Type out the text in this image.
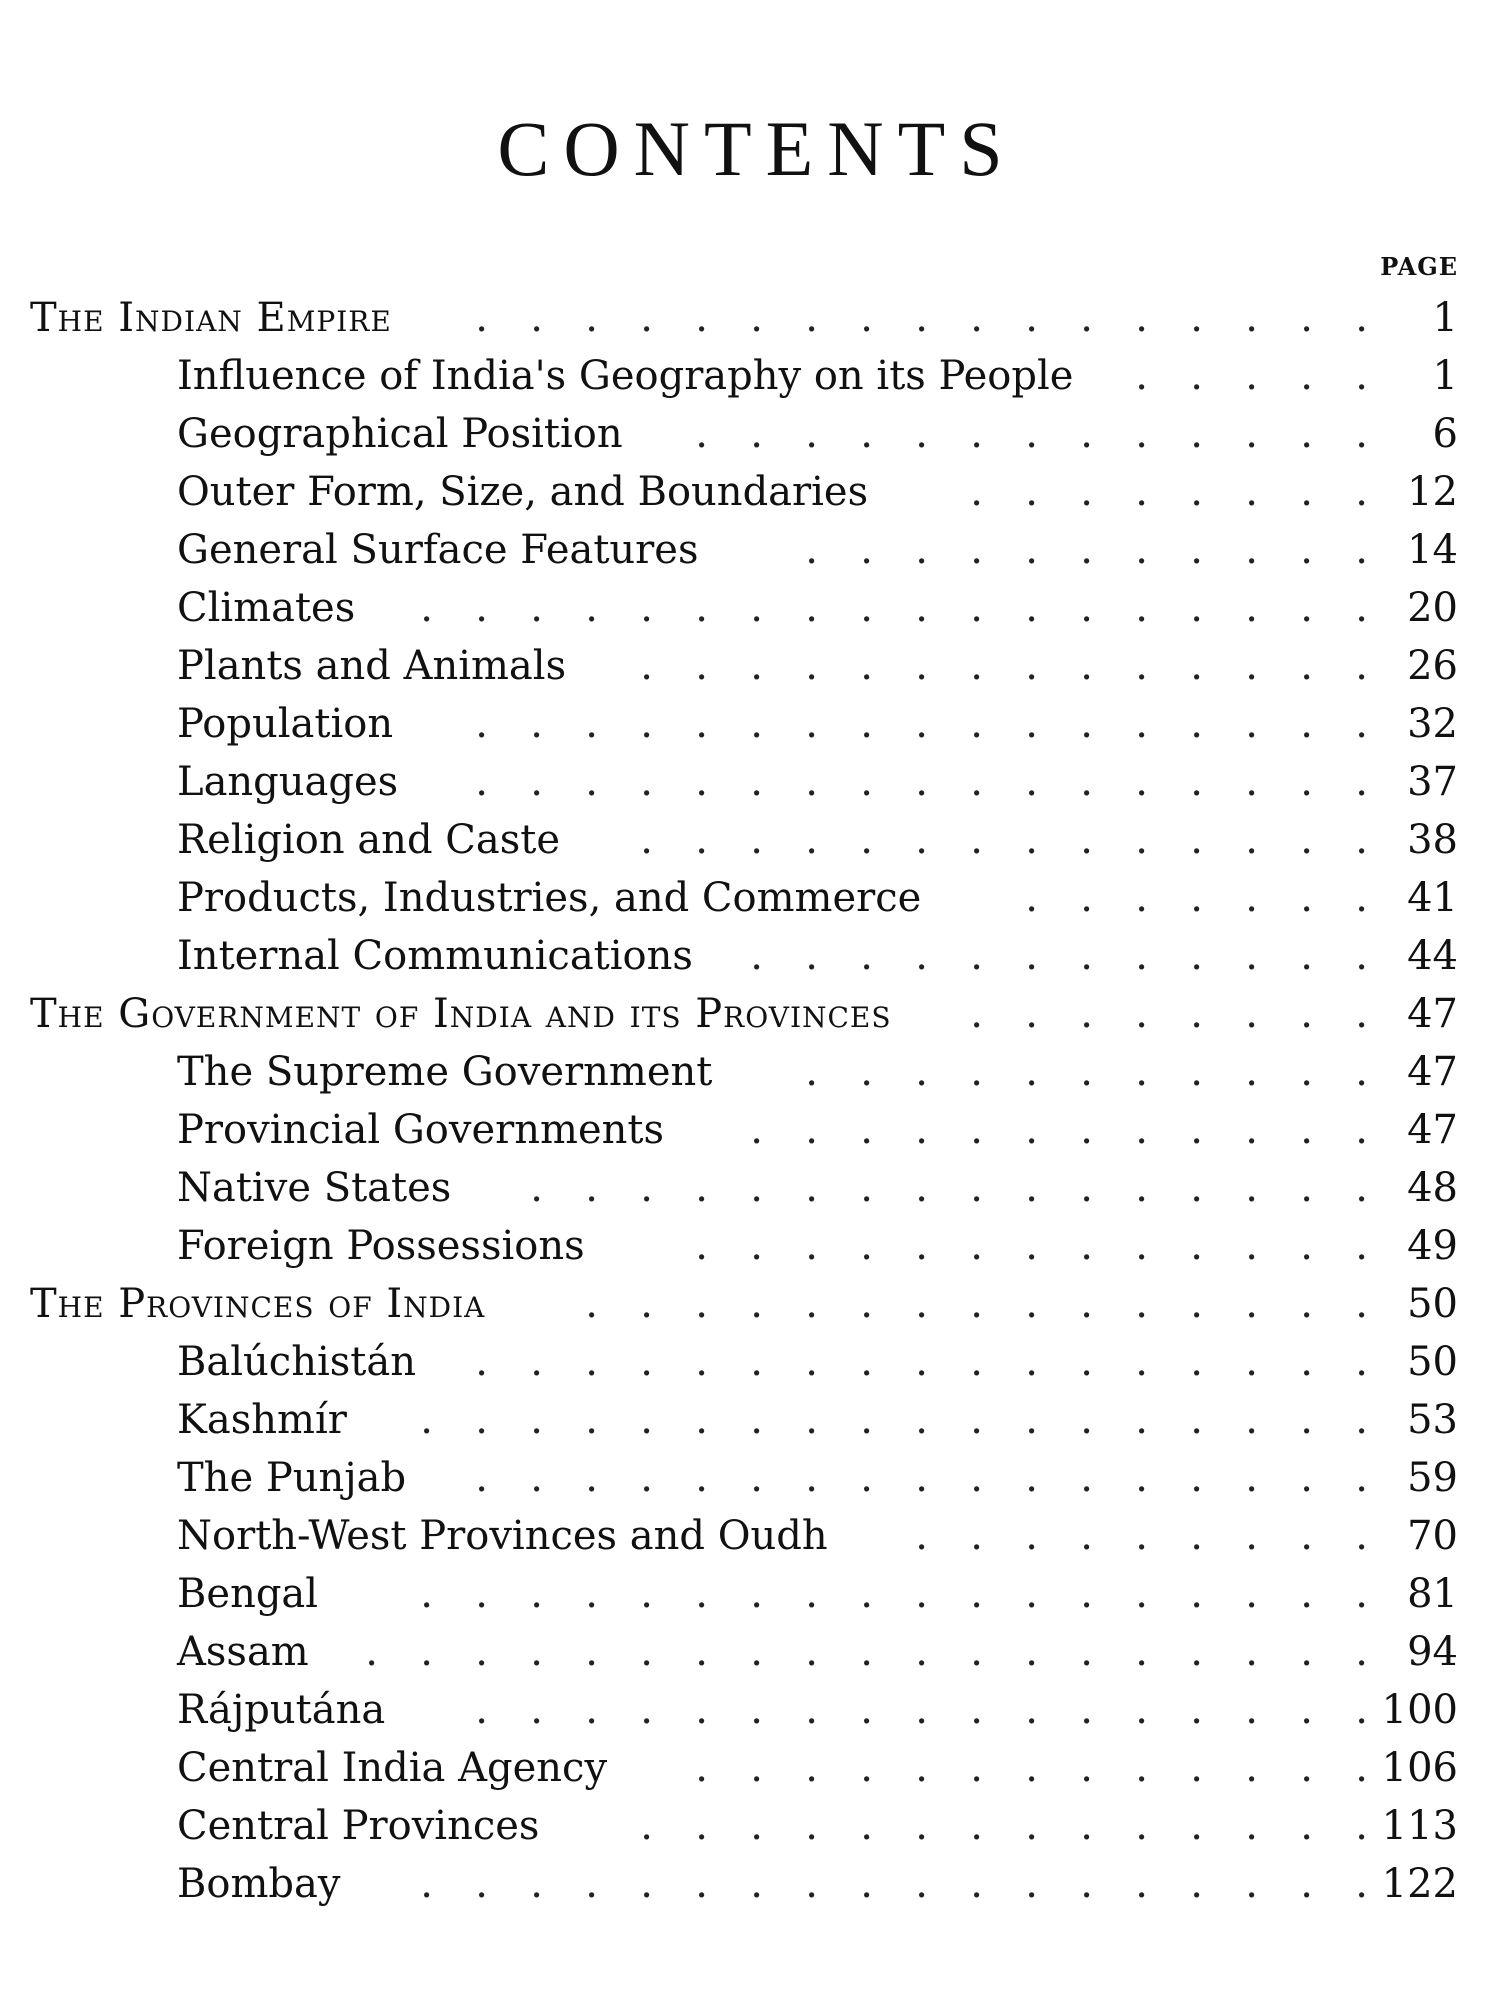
CONTENTS
PAGE
The Indian Empire	. . . . . . . . . . . . . . . . .	1
Influence of India's Geography on its People	. . . . .	1
Geographical Position	. . . . . . . . . . . . .	6
Outer Form, Size, and Boundaries	. . . . . . . . 12
General Surface Features	. . . . . . . . . . . 14
Climates	. . . . . . . . . . . . . . . . . . 20
Plants and Animals	. . . . . . . . . . . . . . 26
Population	. . . . . . . . . . . . . . . . . 32
Languages	. . . . . . . . . . . . . . . . . 37
Religion and Caste	. . . . . . . . . . . . . . 38
Products, Industries, and Commerce	. . . . . . . 41
Internal Communications	. . . . . . . . . . . . 44
The Government of India and its Provinces	. . . . . . . . 47
The Supreme Government	. . . . . . . . . . . 47
Provincial Governments	. . . . . . . . . . . . 47
Native States	. . . . . . . . . . . . . . . . 48
Foreign Possessions	. . . . . . . . . . . . . 49
The Provinces of India	. . . . . . . . . . . . . . . 50
Balúchistán	. . . . . . . . . . . . . . . . . 50
Kashmír	. . . . . . . . . . . . . . . . . . 53
The Punjab	. . . . . . . . . . . . . . . . . 59
North-West Provinces and Oudh	. . . . . . . . . 70
Bengal	. . . . . . . . . . . . . . . . . . 81
Assam	. . . . . . . . . . . . . . . . . . . 94
Rájputána	. . . . . . . . . . . . . . . . . 100
Central India Agency	. . . . . . . . . . . . . 106
Central Provinces	. . . . . . . . . . . . . . 113
Bombay	. . . . . . . . . . . . . . . . . . 122
